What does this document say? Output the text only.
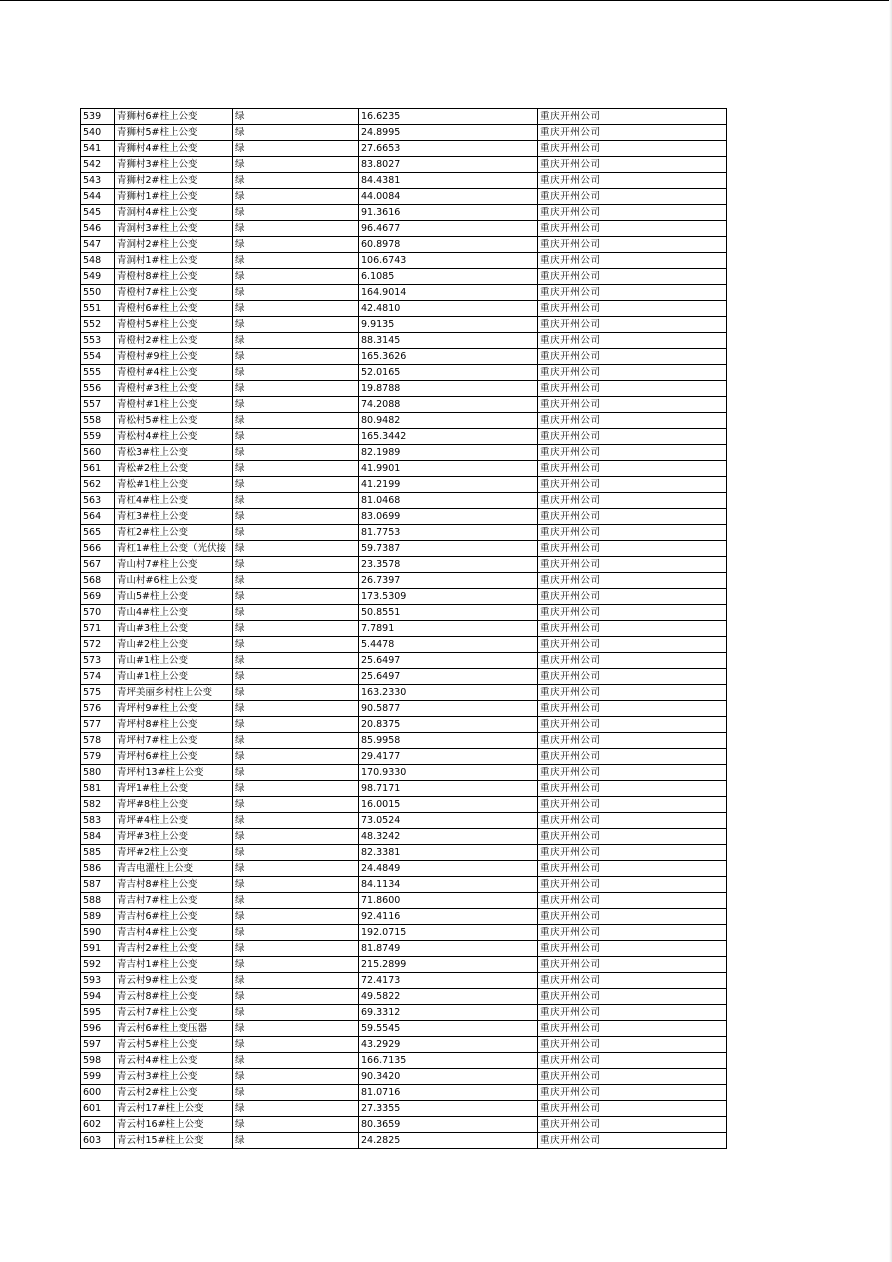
539	青狮村6#柱上公变	绿	16.6235	重庆开州公司
540	青狮村5#柱上公变	绿	24.8995	重庆开州公司
541	青狮村4#柱上公变	绿	27.6653	重庆开州公司
542	青狮村3#柱上公变	绿	83.8027	重庆开州公司
543	青狮村2#柱上公变	绿	84.4381	重庆开州公司
544	青狮村1#柱上公变	绿	44.0084	重庆开州公司
545	青洞村4#柱上公变	绿	91.3616	重庆开州公司
546	青洞村3#柱上公变	绿	96.4677	重庆开州公司
547	青洞村2#柱上公变	绿	60.8978	重庆开州公司
548	青洞村1#柱上公变	绿	106.6743	重庆开州公司
549	青橙村8#柱上公变	绿	6.1085	重庆开州公司
550	青橙村7#柱上公变	绿	164.9014	重庆开州公司
551	青橙村6#柱上公变	绿	42.4810	重庆开州公司
552	青橙村5#柱上公变	绿	9.9135	重庆开州公司
553	青橙村2#柱上公变	绿	88.3145	重庆开州公司
554	青橙村#9柱上公变	绿	165.3626	重庆开州公司
555	青橙村#4柱上公变	绿	52.0165	重庆开州公司
556	青橙村#3柱上公变	绿	19.8788	重庆开州公司
557	青橙村#1柱上公变	绿	74.2088	重庆开州公司
558	青松村5#柱上公变	绿	80.9482	重庆开州公司
559	青松村4#柱上公变	绿	165.3442	重庆开州公司
560	青松3#柱上公变	绿	82.1989	重庆开州公司
561	青松#2柱上公变	绿	41.9901	重庆开州公司
562	青松#1柱上公变	绿	41.2199	重庆开州公司
563	青杠4#柱上公变	绿	81.0468	重庆开州公司
564	青杠3#柱上公变	绿	83.0699	重庆开州公司
565	青杠2#柱上公变	绿	81.7753	重庆开州公司
566	青杠1#柱上公变（光伏接	绿	59.7387	重庆开州公司
567	青山村7#柱上公变	绿	23.3578	重庆开州公司
568	青山村#6柱上公变	绿	26.7397	重庆开州公司
569	青山5#柱上公变	绿	173.5309	重庆开州公司
570	青山4#柱上公变	绿	50.8551	重庆开州公司
571	青山#3柱上公变	绿	7.7891	重庆开州公司
572	青山#2柱上公变	绿	5.4478	重庆开州公司
573	青山#1柱上公变	绿	25.6497	重庆开州公司
574	青山#1柱上公变	绿	25.6497	重庆开州公司
575	青坪美丽乡村柱上公变	绿	163.2330	重庆开州公司
576	青坪村9#柱上公变	绿	90.5877	重庆开州公司
577	青坪村8#柱上公变	绿	20.8375	重庆开州公司
578	青坪村7#柱上公变	绿	85.9958	重庆开州公司
579	青坪村6#柱上公变	绿	29.4177	重庆开州公司
580	青坪村13#柱上公变	绿	170.9330	重庆开州公司
581	青坪1#柱上公变	绿	98.7171	重庆开州公司
582	青坪#8柱上公变	绿	16.0015	重庆开州公司
583	青坪#4柱上公变	绿	73.0524	重庆开州公司
584	青坪#3柱上公变	绿	48.3242	重庆开州公司
585	青坪#2柱上公变	绿	82.3381	重庆开州公司
586	青吉电灌柱上公变	绿	24.4849	重庆开州公司
587	青吉村8#柱上公变	绿	84.1134	重庆开州公司
588	青吉村7#柱上公变	绿	71.8600	重庆开州公司
589	青吉村6#柱上公变	绿	92.4116	重庆开州公司
590	青吉村4#柱上公变	绿	192.0715	重庆开州公司
591	青吉村2#柱上公变	绿	81.8749	重庆开州公司
592	青吉村1#柱上公变	绿	215.2899	重庆开州公司
593	青云村9#柱上公变	绿	72.4173	重庆开州公司
594	青云村8#柱上公变	绿	49.5822	重庆开州公司
595	青云村7#柱上公变	绿	69.3312	重庆开州公司
596	青云村6#柱上变压器	绿	59.5545	重庆开州公司
597	青云村5#柱上公变	绿	43.2929	重庆开州公司
598	青云村4#柱上公变	绿	166.7135	重庆开州公司
599	青云村3#柱上公变	绿	90.3420	重庆开州公司
600	青云村2#柱上公变	绿	81.0716	重庆开州公司
601	青云村17#柱上公变	绿	27.3355	重庆开州公司
602	青云村16#柱上公变	绿	80.3659	重庆开州公司
603	青云村15#柱上公变	绿	24.2825	重庆开州公司
